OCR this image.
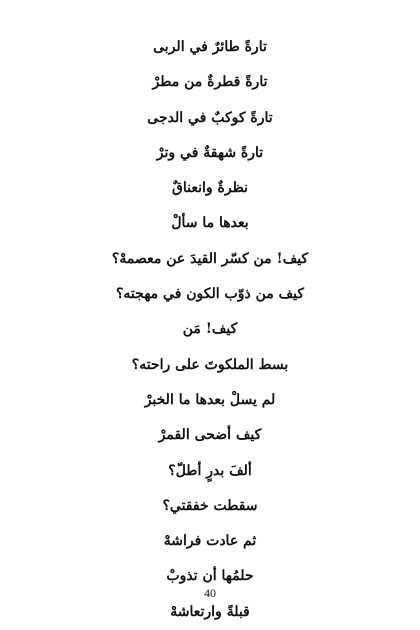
تارةً طائرٌ في الربى
تارةً قطرةٌ من مطرْ
تارةً كوكبٌ في الدجى
تارةً شهقةٌ في وترْ
نظرةٌ وانعناقٌ
بعدها ما سألْ
كيف! من كسّر القيدَ عن معصمهْ؟
كيف من ذوّب الكون في مهجته؟
كيف! مَن
بسط الملكوتَ على راحته؟
لم يسلْ بعدها ما الخبرْ
كيف أضحى القمرْ
ألفَ بدرٍ أطلّ؟
سقطت خفقتي؟
ثم عادت فراشهْ
حلمُها أن تذوبْ
قبلةً وارتعاشهْ
40
